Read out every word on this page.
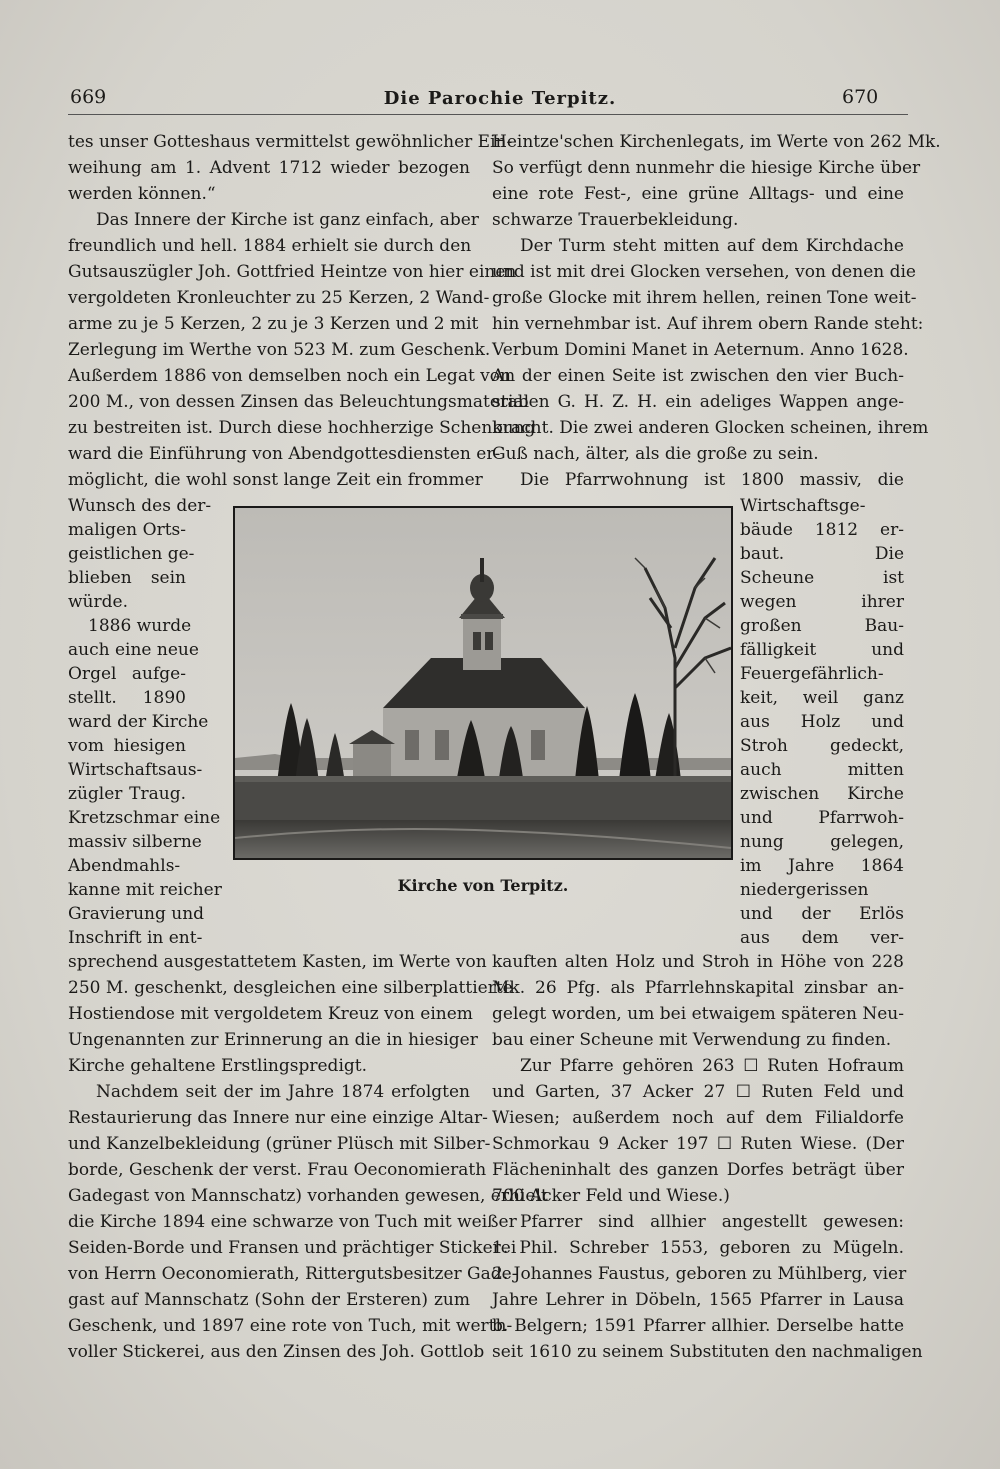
669	Die Parochie Terpitz.	670
tes unser Gotteshaus vermittelst gewöhnlicher Ein-
weihung am 1. Advent 1712 wieder bezogen
werden können.“
Das Innere der Kirche ist ganz einfach, aber
freundlich und hell. 1884 erhielt sie durch den
Gutsauszügler Joh. Gottfried Heintze von hier einen
vergoldeten Kronleuchter zu 25 Kerzen, 2 Wand-
arme zu je 5 Kerzen, 2 zu je 3 Kerzen und 2 mit
Zerlegung im Werthe von 523 M. zum Geschenk.
Außerdem 1886 von demselben noch ein Legat von
200 M., von dessen Zinsen das Beleuchtungsmaterial
zu bestreiten ist. Durch diese hochherzige Schenkung
ward die Einführung von Abendgottesdiensten er-
möglicht, die wohl sonst lange Zeit ein frommer
Wunsch des der-
maligen Orts-
geistlichen ge-
blieben sein
würde.
1886 wurde
auch eine neue
Orgel aufge-
stellt. 1890
ward der Kirche
vom hiesigen
Wirtschaftsaus-
zügler Traug.
Kretzschmar eine
massiv silberne
Abendmahls-
kanne mit reicher
Gravierung und
Inschrift in ent-
sprechend ausgestattetem Kasten, im Werte von
250 M. geschenkt, desgleichen eine silberplattierte
Hostiendose mit vergoldetem Kreuz von einem
Ungenannten zur Erinnerung an die in hiesiger
Kirche gehaltene Erstlingspredigt.
Nachdem seit der im Jahre 1874 erfolgten
Restaurierung das Innere nur eine einzige Altar-
und Kanzelbekleidung (grüner Plüsch mit Silber-
borde, Geschenk der verst. Frau Oeconomierath
Gadegast von Mannschatz) vorhanden gewesen, erhielt
die Kirche 1894 eine schwarze von Tuch mit weißer
Seiden-Borde und Fransen und prächtiger Stickerei
von Herrn Oeconomierath, Rittergutsbesitzer Gade-
gast auf Mannschatz (Sohn der Ersteren) zum
Geschenk, und 1897 eine rote von Tuch, mit werth-
voller Stickerei, aus den Zinsen des Joh. Gottlob
Heintze'schen Kirchenlegats, im Werte von 262 Mk.
So verfügt denn nunmehr die hiesige Kirche über
eine rote Fest-, eine grüne Alltags- und eine
schwarze Trauerbekleidung.
Der Turm steht mitten auf dem Kirchdache
und ist mit drei Glocken versehen, von denen die
große Glocke mit ihrem hellen, reinen Tone weit-
hin vernehmbar ist. Auf ihrem obern Rande steht:
Verbum Domini Manet in Aeternum. Anno 1628.
An der einen Seite ist zwischen den vier Buch-
staben G. H. Z. H. ein adeliges Wappen ange-
bracht. Die zwei anderen Glocken scheinen, ihrem
Guß nach, älter, als die große zu sein.
Die Pfarrwohnung ist 1800 massiv, die
Wirtschaftsge-
bäude 1812 er-
baut. Die
Scheune ist
wegen ihrer
großen Bau-
fälligkeit und
Feuergefährlich-
keit, weil ganz
aus Holz und
Stroh gedeckt,
auch mitten
zwischen Kirche
und Pfarrwoh-
nung gelegen,
im Jahre 1864
niedergerissen
und der Erlös
aus dem ver-
kauften alten Holz und Stroh in Höhe von 228
Mk. 26 Pfg. als Pfarrlehnskapital zinsbar an-
gelegt worden, um bei etwaigem späteren Neu-
bau einer Scheune mit Verwendung zu finden.
Zur Pfarre gehören 263 ☐ Ruten Hofraum
und Garten, 37 Acker 27 ☐ Ruten Feld und
Wiesen; außerdem noch auf dem Filialdorfe
Schmorkau 9 Acker 197 ☐ Ruten Wiese. (Der
Flächeninhalt des ganzen Dorfes beträgt über
700 Acker Feld und Wiese.)
Pfarrer sind allhier angestellt gewesen:
1. Phil. Schreber 1553, geboren zu Mügeln.
2. Johannes Faustus, geboren zu Mühlberg, vier
Jahre Lehrer in Döbeln, 1565 Pfarrer in Lausa
b. Belgern; 1591 Pfarrer allhier. Derselbe hatte
seit 1610 zu seinem Substituten den nachmaligen
Kirche von Terpitz.
